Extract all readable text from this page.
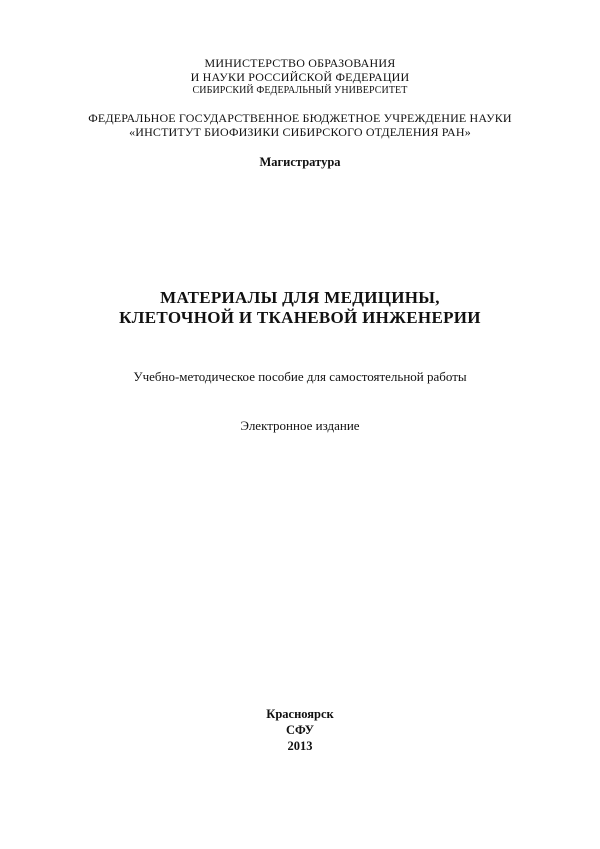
МИНИСТЕРСТВО ОБРАЗОВАНИЯ
И НАУКИ РОССИЙСКОЙ ФЕДЕРАЦИИ
СИБИРСКИЙ ФЕДЕРАЛЬНЫЙ УНИВЕРСИТЕТ
ФЕДЕРАЛЬНОЕ ГОСУДАРСТВЕННОЕ БЮДЖЕТНОЕ УЧРЕЖДЕНИЕ НАУКИ
«ИНСТИТУТ БИОФИЗИКИ СИБИРСКОГО ОТДЕЛЕНИЯ РАН»
Магистратура
МАТЕРИАЛЫ ДЛЯ МЕДИЦИНЫ,
КЛЕТОЧНОЙ И ТКАНЕВОЙ ИНЖЕНЕРИИ
Учебно-методическое пособие для самостоятельной работы
Электронное издание
Красноярск
СФУ
2013
